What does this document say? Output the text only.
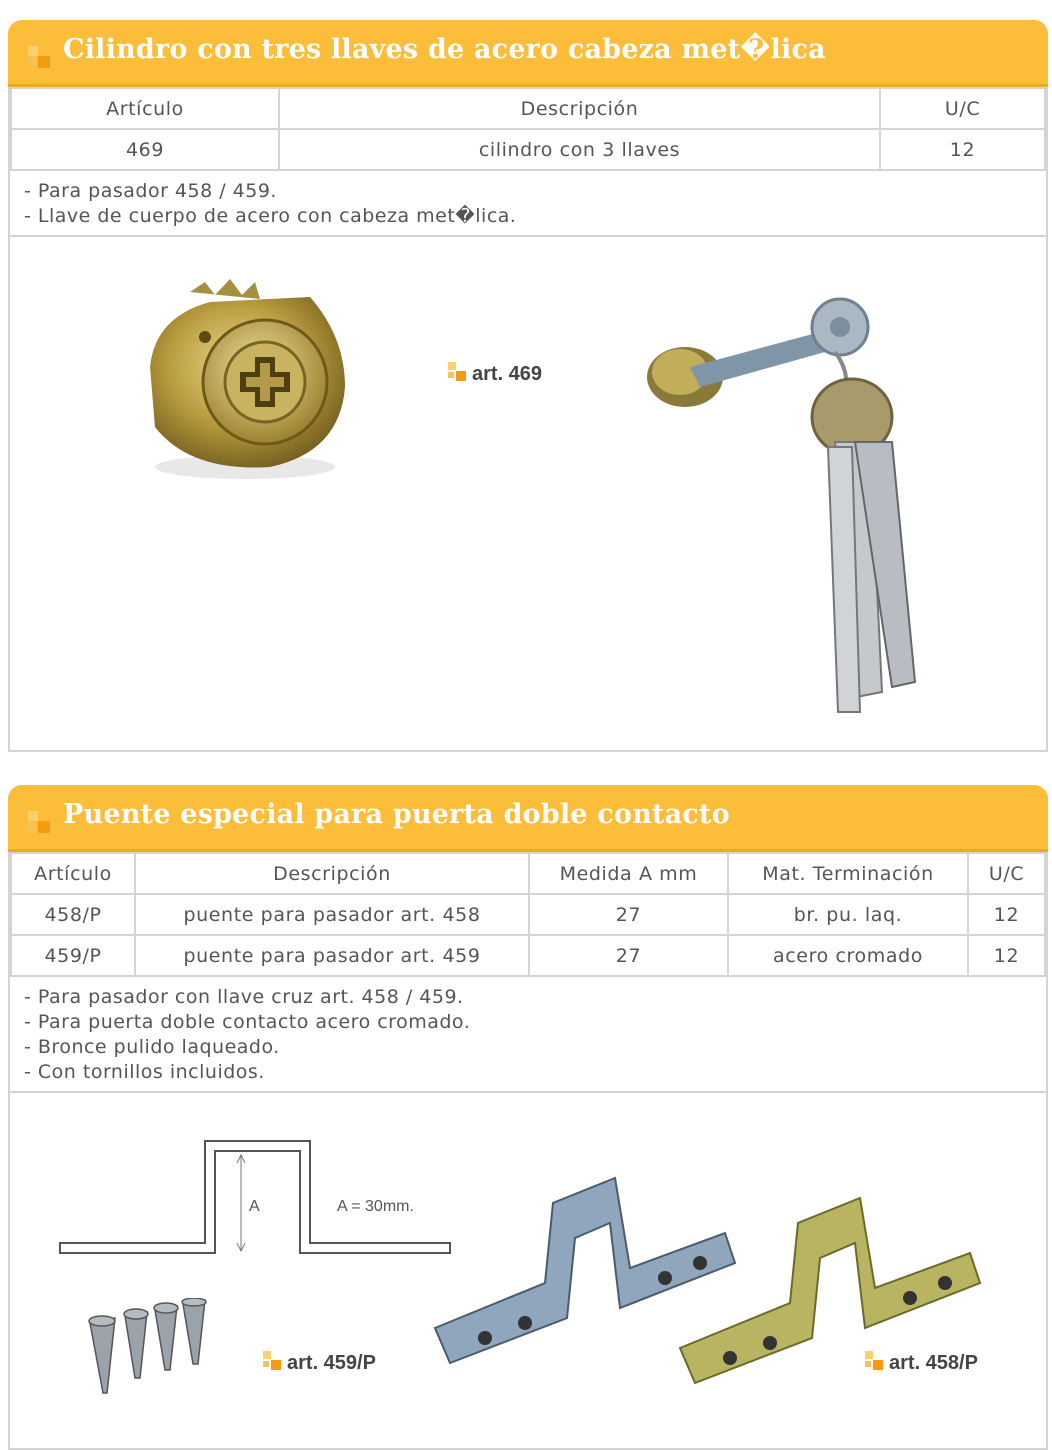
Cilindro con tres llaves de acero cabeza met�lica
Artículo	Descripción	U/C
469	cilindro con 3 llaves	12
- Para pasador 458 / 459.
- Llave de cuerpo de acero con cabeza met�lica.
art. 469
Puente especial para puerta doble contacto
Artículo	Descripción	Medida A mm	Mat. Terminación	U/C
458/P	puente para pasador art. 458	27	br. pu. laq.	12
459/P	puente para pasador art. 459	27	acero cromado	12
- Para pasador con llave cruz art. 458 / 459.
- Para puerta doble contacto acero cromado.
- Bronce pulido laqueado.
- Con tornillos incluidos.
A	A = 30mm.
art. 459/P	art. 458/P
